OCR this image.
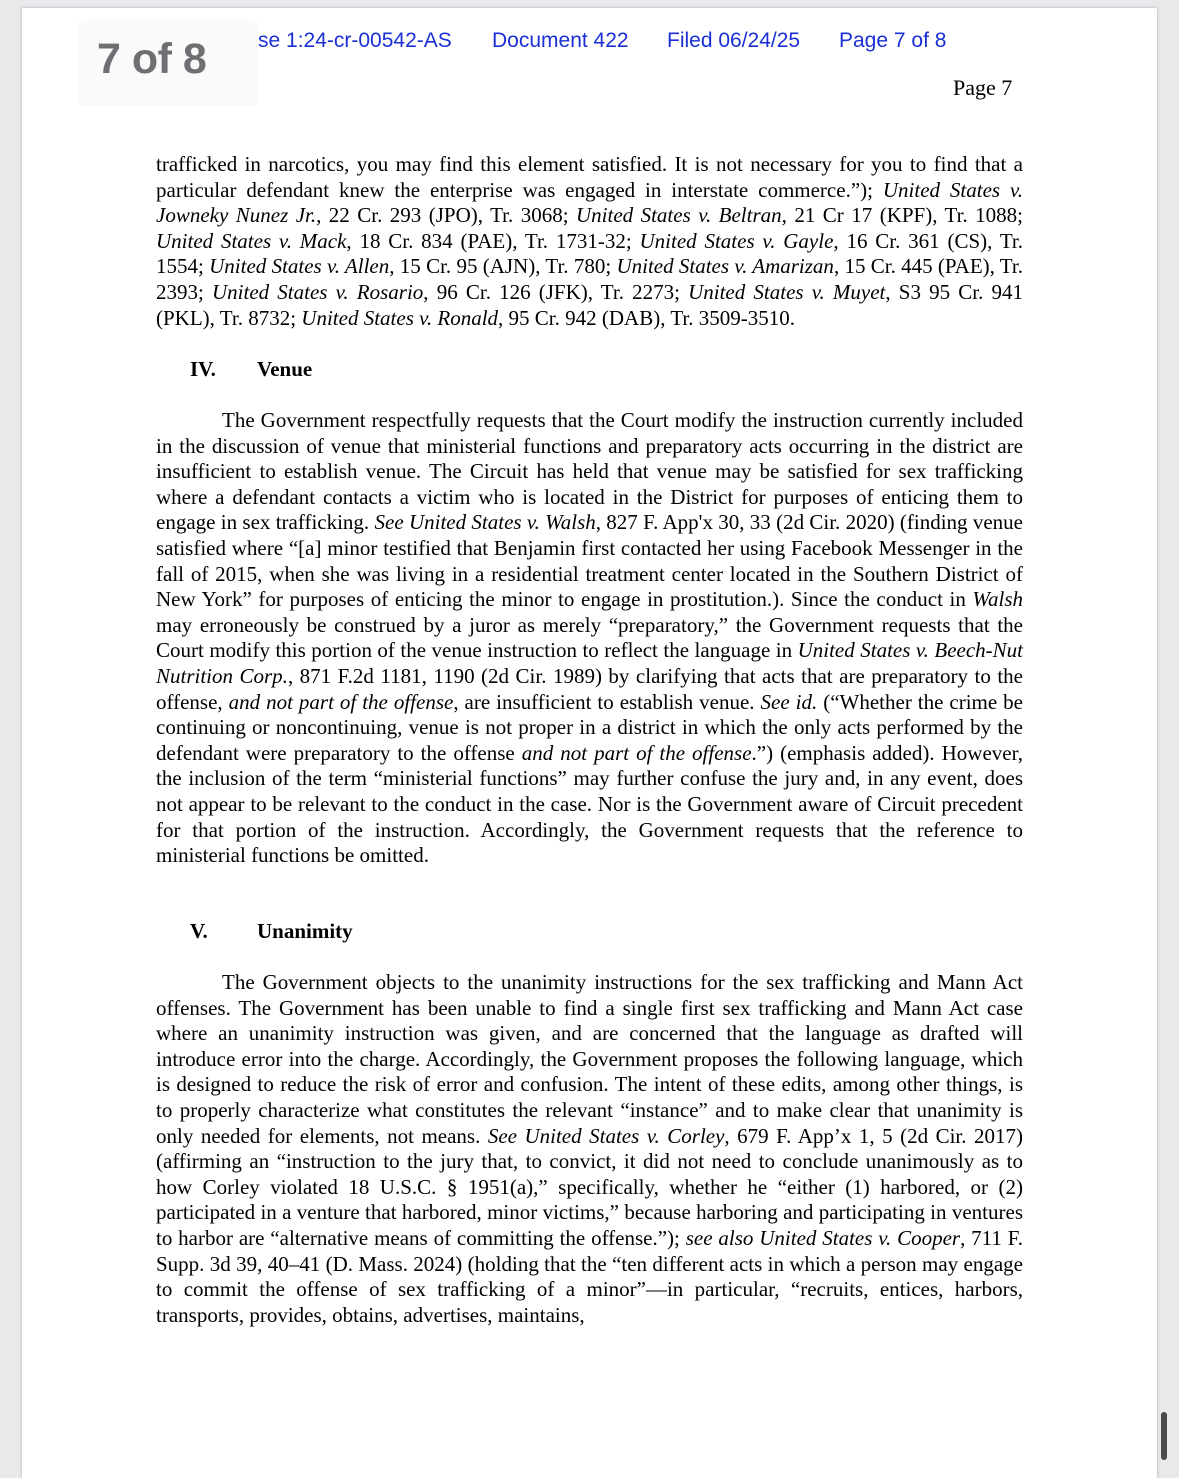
7 of 8 se 1:24-cr-00542-AS Document 422 Filed 06/24/25 Page 7 of 8
Page 7
trafficked in narcotics, you may find this element satisfied. It is not necessary for you to find that a particular defendant knew the enterprise was engaged in interstate commerce.”); United States v. Jowneky Nunez Jr., 22 Cr. 293 (JPO), Tr. 3068; United States v. Beltran, 21 Cr 17 (KPF), Tr. 1088; United States v. Mack, 18 Cr. 834 (PAE), Tr. 1731-32; United States v. Gayle, 16 Cr. 361 (CS), Tr. 1554; United States v. Allen, 15 Cr. 95 (AJN), Tr. 780; United States v. Amarizan, 15 Cr. 445 (PAE), Tr. 2393; United States v. Rosario, 96 Cr. 126 (JFK), Tr. 2273; United States v. Muyet, S3 95 Cr. 941 (PKL), Tr. 8732; United States v. Ronald, 95 Cr. 942 (DAB), Tr. 3509-3510.
IV. Venue
The Government respectfully requests that the Court modify the instruction currently included in the discussion of venue that ministerial functions and preparatory acts occurring in the district are insufficient to establish venue. The Circuit has held that venue may be satisfied for sex trafficking where a defendant contacts a victim who is located in the District for purposes of enticing them to engage in sex trafficking. See United States v. Walsh, 827 F. App'x 30, 33 (2d Cir. 2020) (finding venue satisfied where “[a] minor testified that Benjamin first contacted her using Facebook Messenger in the fall of 2015, when she was living in a residential treatment center located in the Southern District of New York” for purposes of enticing the minor to engage in prostitution.). Since the conduct in Walsh may erroneously be construed by a juror as merely “preparatory,” the Government requests that the Court modify this portion of the venue instruction to reflect the language in United States v. Beech-Nut Nutrition Corp., 871 F.2d 1181, 1190 (2d Cir. 1989) by clarifying that acts that are preparatory to the offense, and not part of the offense, are insufficient to establish venue. See id. (“Whether the crime be continuing or noncontinuing, venue is not proper in a district in which the only acts performed by the defendant were preparatory to the offense and not part of the offense.”) (emphasis added). However, the inclusion of the term “ministerial functions” may further confuse the jury and, in any event, does not appear to be relevant to the conduct in the case. Nor is the Government aware of Circuit precedent for that portion of the instruction. Accordingly, the Government requests that the reference to ministerial functions be omitted.
V. Unanimity
The Government objects to the unanimity instructions for the sex trafficking and Mann Act offenses. The Government has been unable to find a single first sex trafficking and Mann Act case where an unanimity instruction was given, and are concerned that the language as drafted will introduce error into the charge. Accordingly, the Government proposes the following language, which is designed to reduce the risk of error and confusion. The intent of these edits, among other things, is to properly characterize what constitutes the relevant “instance” and to make clear that unanimity is only needed for elements, not means. See United States v. Corley, 679 F. App’x 1, 5 (2d Cir. 2017) (affirming an “instruction to the jury that, to convict, it did not need to conclude unanimously as to how Corley violated 18 U.S.C. § 1951(a),” specifically, whether he “either (1) harbored, or (2) participated in a venture that harbored, minor victims,” because harboring and participating in ventures to harbor are “alternative means of committing the offense.”); see also United States v. Cooper, 711 F. Supp. 3d 39, 40–41 (D. Mass. 2024) (holding that the “ten different acts in which a person may engage to commit the offense of sex trafficking of a minor”—in particular, “recruits, entices, harbors, transports, provides, obtains, advertises, maintains,
